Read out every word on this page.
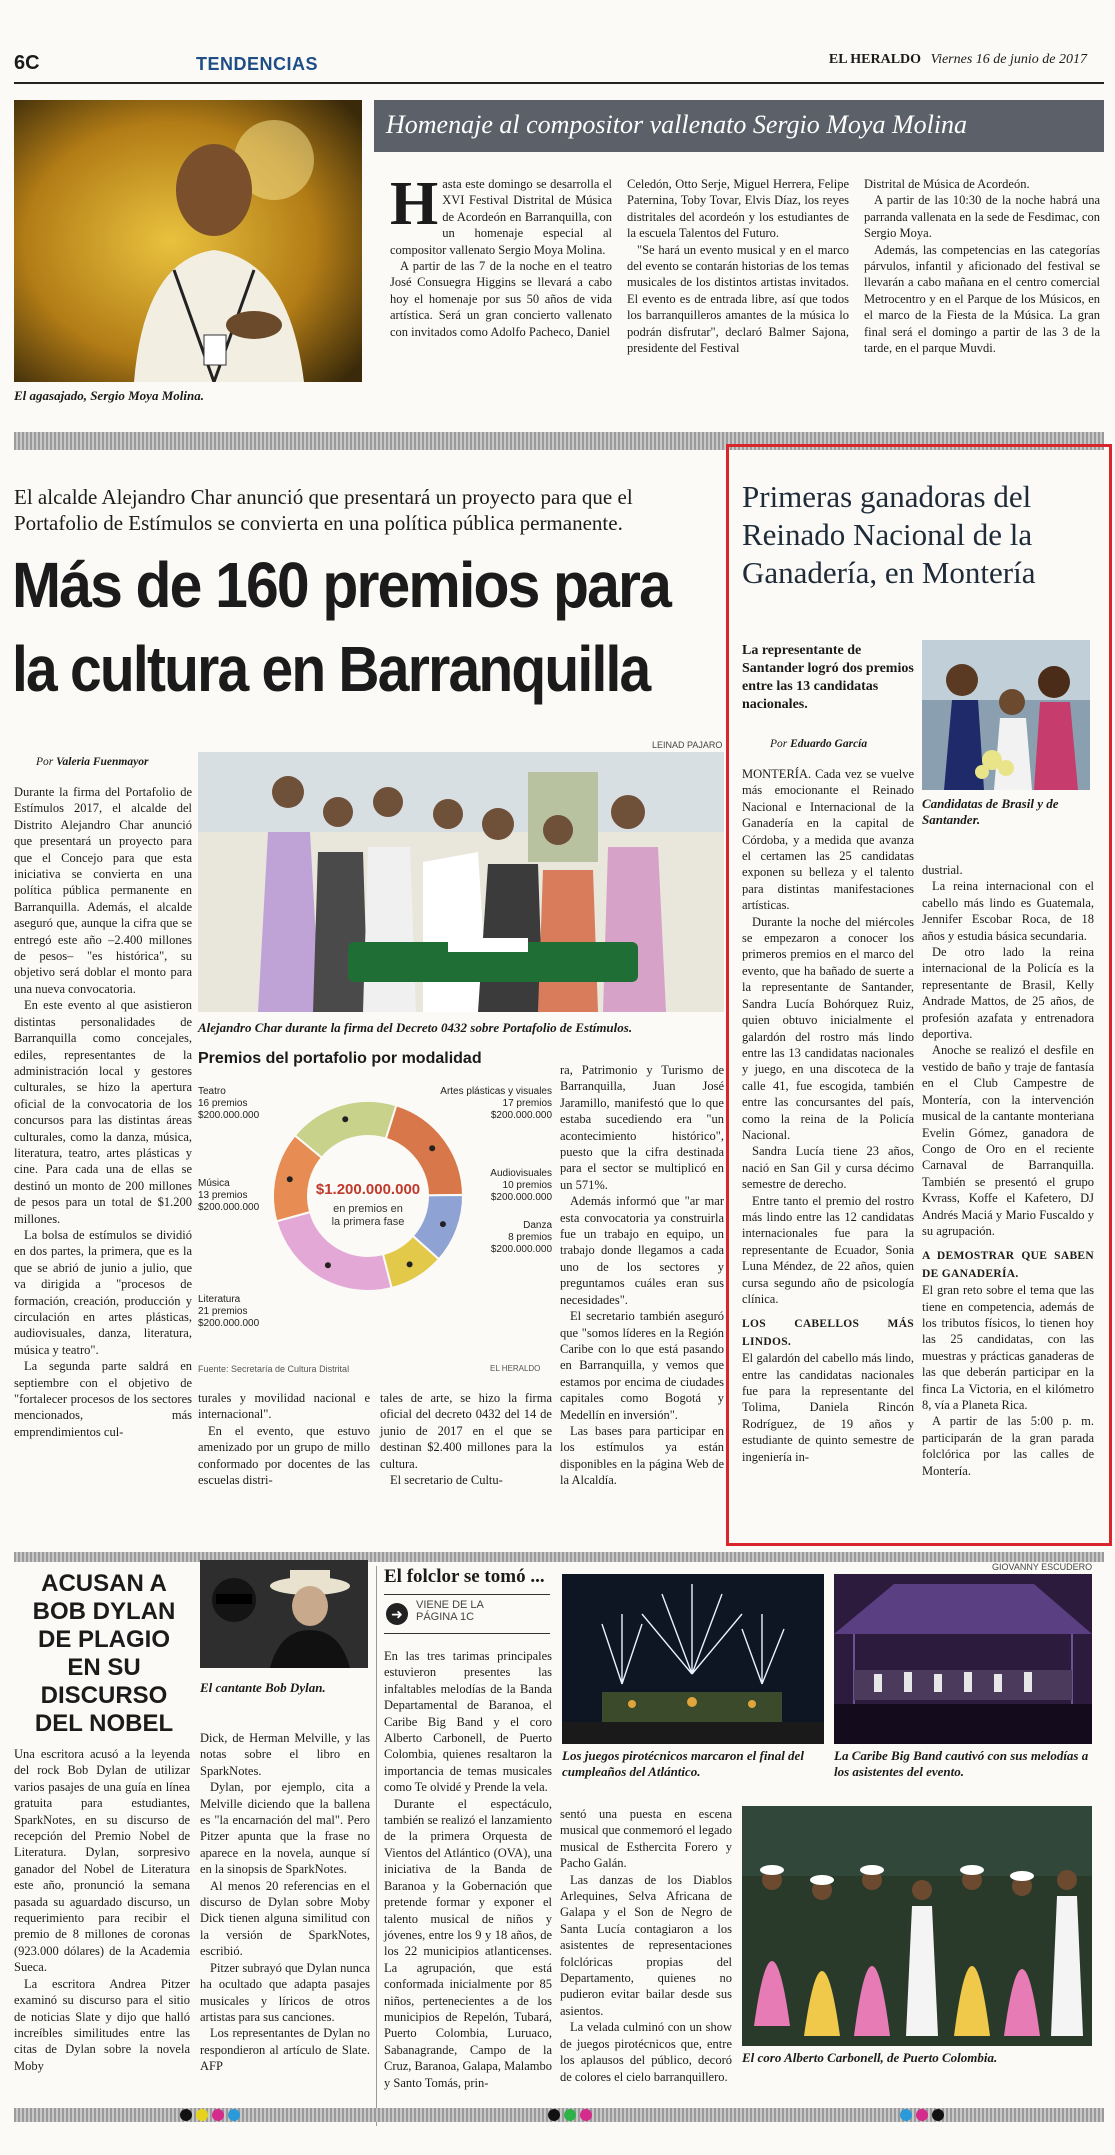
6C	TENDENCIAS	EL HERALDO Viernes 16 de junio de 2017
El agasajado, Sergio Moya Molina.
Homenaje al compositor vallenato Sergio Moya Molina
H asta este domingo se desarrolla el XVI Festival Distrital de Música de Acordeón en Barranquilla, con un homenaje especial al compositor vallenato Sergio Moya Molina.

A partir de las 7 de la noche en el teatro José Consuegra Higgins se llevará a cabo hoy el homenaje por sus 50 años de vida artística. Será un gran concierto vallenato con invitados como Adolfo Pacheco, Daniel

Celedón, Otto Serje, Miguel Herrera, Felipe Paternina, Toby Tovar, Elvis Díaz, los reyes distritales del acordeón y los estudiantes de la escuela Talentos del Futuro.

"Se hará un evento musical y en el marco del evento se contarán historias de los temas musicales de los distintos artistas invitados. El evento es de entrada libre, así que todos los barranquilleros amantes de la música lo podrán disfrutar", declaró Balmer Sajona, presidente del Festival

Distrital de Música de Acordeón.

A partir de las 10:30 de la noche habrá una parranda vallenata en la sede de Fesdimac, con Sergio Moya.

Además, las competencias en las categorías párvulos, infantil y aficionado del festival se llevarán a cabo mañana en el centro comercial Metrocentro y en el Parque de los Músicos, en el marco de la Fiesta de la Música. La gran final será el domingo a partir de las 3 de la tarde, en el parque Muvdi.

El alcalde Alejandro Char anunció que presentará un proyecto para que el Portafolio de Estímulos se convierta en una política pública permanente.
Más de 160 premios para
la cultura en Barranquilla
Por Valeria Fuenmayor

Durante la firma del Portafolio de Estímulos 2017, el alcalde del Distrito Alejandro Char anunció que presentará un proyecto para que el Concejo para que esta iniciativa se convierta en una política pública permanente en Barranquilla. Además, el alcalde aseguró que, aunque la cifra que se entregó este año –2.400 millones de pesos– "es histórica", su objetivo será doblar el monto para una nueva convocatoria.

En este evento al que asistieron distintas personalidades de Barranquilla como concejales, ediles, representantes de la administración local y gestores culturales, se hizo la apertura oficial de la convocatoria de los concursos para las distintas áreas culturales, como la danza, música, literatura, teatro, artes plásticas y cine. Para cada una de ellas se destinó un monto de 200 millones de pesos para un total de $1.200 millones.

La bolsa de estímulos se dividió en dos partes, la primera, que es la que se abrió de junio a julio, que va dirigida a "procesos de formación, creación, producción y circulación en artes plásticas, audiovisuales, danza, literatura, música y teatro".

La segunda parte saldrá en septiembre con el objetivo de "fortalecer procesos de los sectores mencionados, más emprendimientos cul-

LEINAD PAJARO
Alejandro Char durante la firma del Decreto 0432 sobre Portafolio de Estímulos.
Premios del portafolio por modalidad
Teatro
16 premios
$200.000.000
Artes plásticas y visuales
17 premios
$200.000.000
Audiovisuales
10 premios
$200.000.000
Danza
8 premios
$200.000.000
Literatura
21 premios
$200.000.000
Música
13 premios
$200.000.000
$1.200.000.000
en premios en
la primera fase
Fuente: Secretaría de Cultura Distrital	EL HERALDO

turales y movilidad nacional e internacional".

En el evento, que estuvo amenizado por un grupo de millo conformado por docentes de las escuelas distri-

tales de arte, se hizo la firma oficial del decreto 0432 del 14 de junio de 2017 en el que se destinan $2.400 millones para la cultura.

El secretario de Cultu-

ra, Patrimonio y Turismo de Barranquilla, Juan José Jaramillo, manifestó que lo que estaba sucediendo era "un acontecimiento histórico", puesto que la cifra destinada para el sector se multiplicó en un 571%.

Además informó que "ar mar esta convocatoria ya construirla fue un trabajo en equipo, un trabajo donde llegamos a cada uno de los sectores y preguntamos cuáles eran sus necesidades".

El secretario también aseguró que "somos líderes en la Región Caribe con lo que está pasando en Barranquilla, y vemos que estamos por encima de ciudades capitales como Bogotá y Medellín en inversión".

Las bases para participar en los estímulos ya están disponibles en la página Web de la Alcaldía.

Primeras ganadoras del
Reinado Nacional de la
Ganadería, en Montería
La representante de Santander logró dos premios entre las 13 candidatas nacionales.
Por Eduardo García
Candidatas de Brasil y de Santander.

MONTERÍA. Cada vez se vuelve más emocionante el Reinado Nacional e Internacional de la Ganadería en la capital de Córdoba, y a medida que avanza el certamen las 25 candidatas exponen su belleza y el talento para distintas manifestaciones artísticas.

Durante la noche del miércoles se empezaron a conocer los primeros premios en el marco del evento, que ha bañado de suerte a la representante de Santander, Sandra Lucía Bohórquez Ruiz, quien obtuvo inicialmente el galardón del rostro más lindo entre las 13 candidatas nacionales y juego, en una discoteca de la calle 41, fue escogida, también entre las concursantes del país, como la reina de la Policía Nacional.

Sandra Lucía tiene 23 años, nació en San Gil y cursa décimo semestre de derecho.

Entre tanto el premio del rostro más lindo entre las 12 candidatas internacionales fue para la representante de Ecuador, Sonia Luna Méndez, de 22 años, quien cursa segundo año de psicología clínica.

LOS CABELLOS MÁS LINDOS.

El galardón del cabello más lindo, entre las candidatas nacionales fue para la representante del Tolima, Daniela Rincón Rodríguez, de 19 años y estudiante de quinto semestre de ingeniería in-

dustrial.

La reina internacional con el cabello más lindo es Guatemala, Jennifer Escobar Roca, de 18 años y estudia básica secundaria.

De otro lado la reina internacional de la Policía es la representante de Brasil, Kelly Andrade Mattos, de 25 años, de profesión azafata y entrenadora deportiva.

Anoche se realizó el desfile en vestido de baño y traje de fantasía en el Club Campestre de Montería, con la intervención musical de la cantante monteriana Evelin Gómez, ganadora de Congo de Oro en el reciente Carnaval de Barranquilla. También se presentó el grupo Kvrass, Koffe el Kafetero, DJ Andrés Maciá y Mario Fuscaldo y su agrupación.

A DEMOSTRAR QUE SABEN DE GANADERÍA.

El gran reto sobre el tema que las tiene en competencia, además de los tributos físicos, lo tienen hoy las 25 candidatas, con las muestras y prácticas ganaderas de las que deberán participar en la finca La Victoria, en el kilómetro 8, vía a Planeta Rica.

A partir de las 5:00 p. m. participarán de la gran parada folclórica por las calles de Montería.

ACUSAN A BOB DYLAN DE PLAGIO EN SU DISCURSO DEL NOBEL
El cantante Bob Dylan.

Una escritora acusó a la leyenda del rock Bob Dylan de utilizar varios pasajes de una guía en línea gratuita para estudiantes, SparkNotes, en su discurso de recepción del Premio Nobel de Literatura. Dylan, sorpresivo ganador del Nobel de Literatura este año, pronunció la semana pasada su aguardado discurso, un requerimiento para recibir el premio de 8 millones de coronas (923.000 dólares) de la Academia Sueca.

La escritora Andrea Pitzer examinó su discurso para el sitio de noticias Slate y dijo que halló increíbles similitudes entre las citas de Dylan sobre la novela Moby

Dick, de Herman Melville, y las notas sobre el libro en SparkNotes.

Dylan, por ejemplo, cita a Melville diciendo que la ballena es "la encarnación del mal". Pero Pitzer apunta que la frase no aparece en la novela, aunque sí en la sinopsis de SparkNotes.

Al menos 20 referencias en el discurso de Dylan sobre Moby Dick tienen alguna similitud con la versión de SparkNotes, escribió.

Pitzer subrayó que Dylan nunca ha ocultado que adapta pasajes musicales y líricos de otros artistas para sus canciones.

Los representantes de Dylan no respondieron al artículo de Slate. AFP

El folclor se tomó ...
➜
VIENE DE LA
PÁGINA 1C

En las tres tarimas principales estuvieron presentes las infaltables melodías de la Banda Departamental de Baranoa, el Caribe Big Band y el coro Alberto Carbonell, de Puerto Colombia, quienes resaltaron la importancia de temas musicales como Te olvidé y Prende la vela.

Durante el espectáculo, también se realizó el lanzamiento de la primera Orquesta de Vientos del Atlántico (OVA), una iniciativa de la Banda de Baranoa y la Gobernación que pretende formar y exponer el talento musical de niños y jóvenes, entre los 9 y 18 años, de los 22 municipios atlanticenses. La agrupación, que está conformada inicialmente por 85 niños, pertenecientes a de los municipios de Repelón, Tubará, Puerto Colombia, Luruaco, Sabanagrande, Campo de la Cruz, Baranoa, Galapa, Malambo y Santo Tomás, prin-

sentó una puesta en escena musical que conmemoró el legado musical de Esthercita Forero y Pacho Galán.

Las danzas de los Diablos Arlequines, Selva Africana de Galapa y el Son de Negro de Santa Lucía contagiaron a los asistentes de representaciones folclóricas propias del Departamento, quienes no pudieron evitar bailar desde sus asientos.

La velada culminó con un show de juegos pirotécnicos que, entre los aplausos del público, decoró de colores el cielo barranquillero.

GIOVANNY ESCUDERO
Los juegos pirotécnicos marcaron el final del cumpleaños del Atlántico.
La Caribe Big Band cautivó con sus melodías a los asistentes del evento.
El coro Alberto Carbonell, de Puerto Colombia.
